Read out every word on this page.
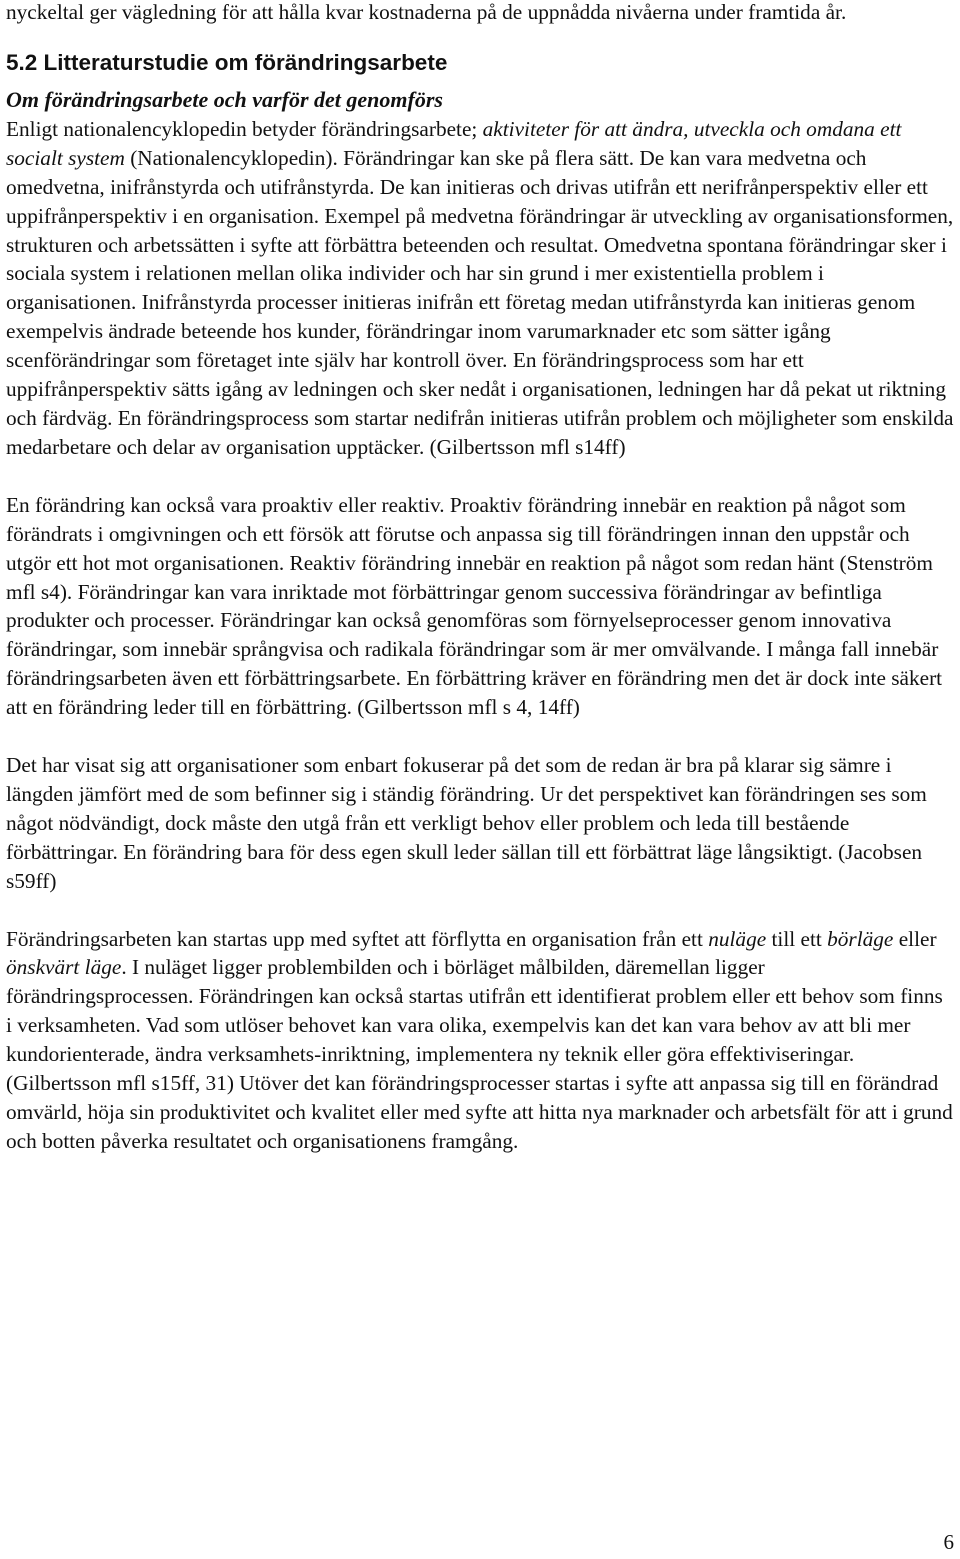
nyckeltal ger vägledning för att hålla kvar kostnaderna på de uppnådda nivåerna under framtida år.

5.2 Litteraturstudie om förändringsarbete
Om förändringsarbete och varför det genomförs

Enligt nationalencyklopedin betyder förändringsarbete; aktiviteter för att ändra, utveckla och omdana ett socialt system (Nationalencyklopedin). Förändringar kan ske på flera sätt. De kan vara medvetna och omedvetna, inifrånstyrda och utifrånstyrda. De kan initieras och drivas utifrån ett nerifrånperspektiv eller ett uppifrånperspektiv i en organisation. Exempel på medvetna förändringar är utveckling av organisationsformen, strukturen och arbetssätten i syfte att förbättra beteenden och resultat. Omedvetna spontana förändringar sker i sociala system i relationen mellan olika individer och har sin grund i mer existentiella problem i organisationen. Inifrånstyrda processer initieras inifrån ett företag medan utifrånstyrda kan initieras genom exempelvis ändrade beteende hos kunder, förändringar inom varumarknader etc som sätter igång scenförändringar som företaget inte själv har kontroll över. En förändringsprocess som har ett uppifrånperspektiv sätts igång av ledningen och sker nedåt i organisationen, ledningen har då pekat ut riktning och färdväg. En förändringsprocess som startar nedifrån initieras utifrån problem och möjligheter som enskilda medarbetare och delar av organisation upptäcker. (Gilbertsson mfl s14ff)

En förändring kan också vara proaktiv eller reaktiv. Proaktiv förändring innebär en reaktion på något som förändrats i omgivningen och ett försök att förutse och anpassa sig till förändringen innan den uppstår och utgör ett hot mot organisationen. Reaktiv förändring innebär en reaktion på något som redan hänt (Stenström mfl s4). Förändringar kan vara inriktade mot förbättringar genom successiva förändringar av befintliga produkter och processer. Förändringar kan också genomföras som förnyelseprocesser genom innovativa förändringar, som innebär språngvisa och radikala förändringar som är mer omvälvande. I många fall innebär förändringsarbeten även ett förbättringsarbete. En förbättring kräver en förändring men det är dock inte säkert att en förändring leder till en förbättring. (Gilbertsson mfl s 4, 14ff)

Det har visat sig att organisationer som enbart fokuserar på det som de redan är bra på klarar sig sämre i längden jämfört med de som befinner sig i ständig förändring. Ur det perspektivet kan förändringen ses som något nödvändigt, dock måste den utgå från ett verkligt behov eller problem och leda till bestående förbättringar. En förändring bara för dess egen skull leder sällan till ett förbättrat läge långsiktigt. (Jacobsen s59ff)

Förändringsarbeten kan startas upp med syftet att förflytta en organisation från ett nuläge till ett börläge eller önskvärt läge. I nuläget ligger problembilden och i börläget målbilden, däremellan ligger förändringsprocessen. Förändringen kan också startas utifrån ett identifierat problem eller ett behov som finns i verksamheten. Vad som utlöser behovet kan vara olika, exempelvis kan det kan vara behov av att bli mer kundorienterade, ändra verksamhets-inriktning, implementera ny teknik eller göra effektiviseringar. (Gilbertsson mfl s15ff, 31) Utöver det kan förändringsprocesser startas i syfte att anpassa sig till en förändrad omvärld, höja sin produktivitet och kvalitet eller med syfte att hitta nya marknader och arbetsfält för att i grund och botten påverka resultatet och organisationens framgång.

6
